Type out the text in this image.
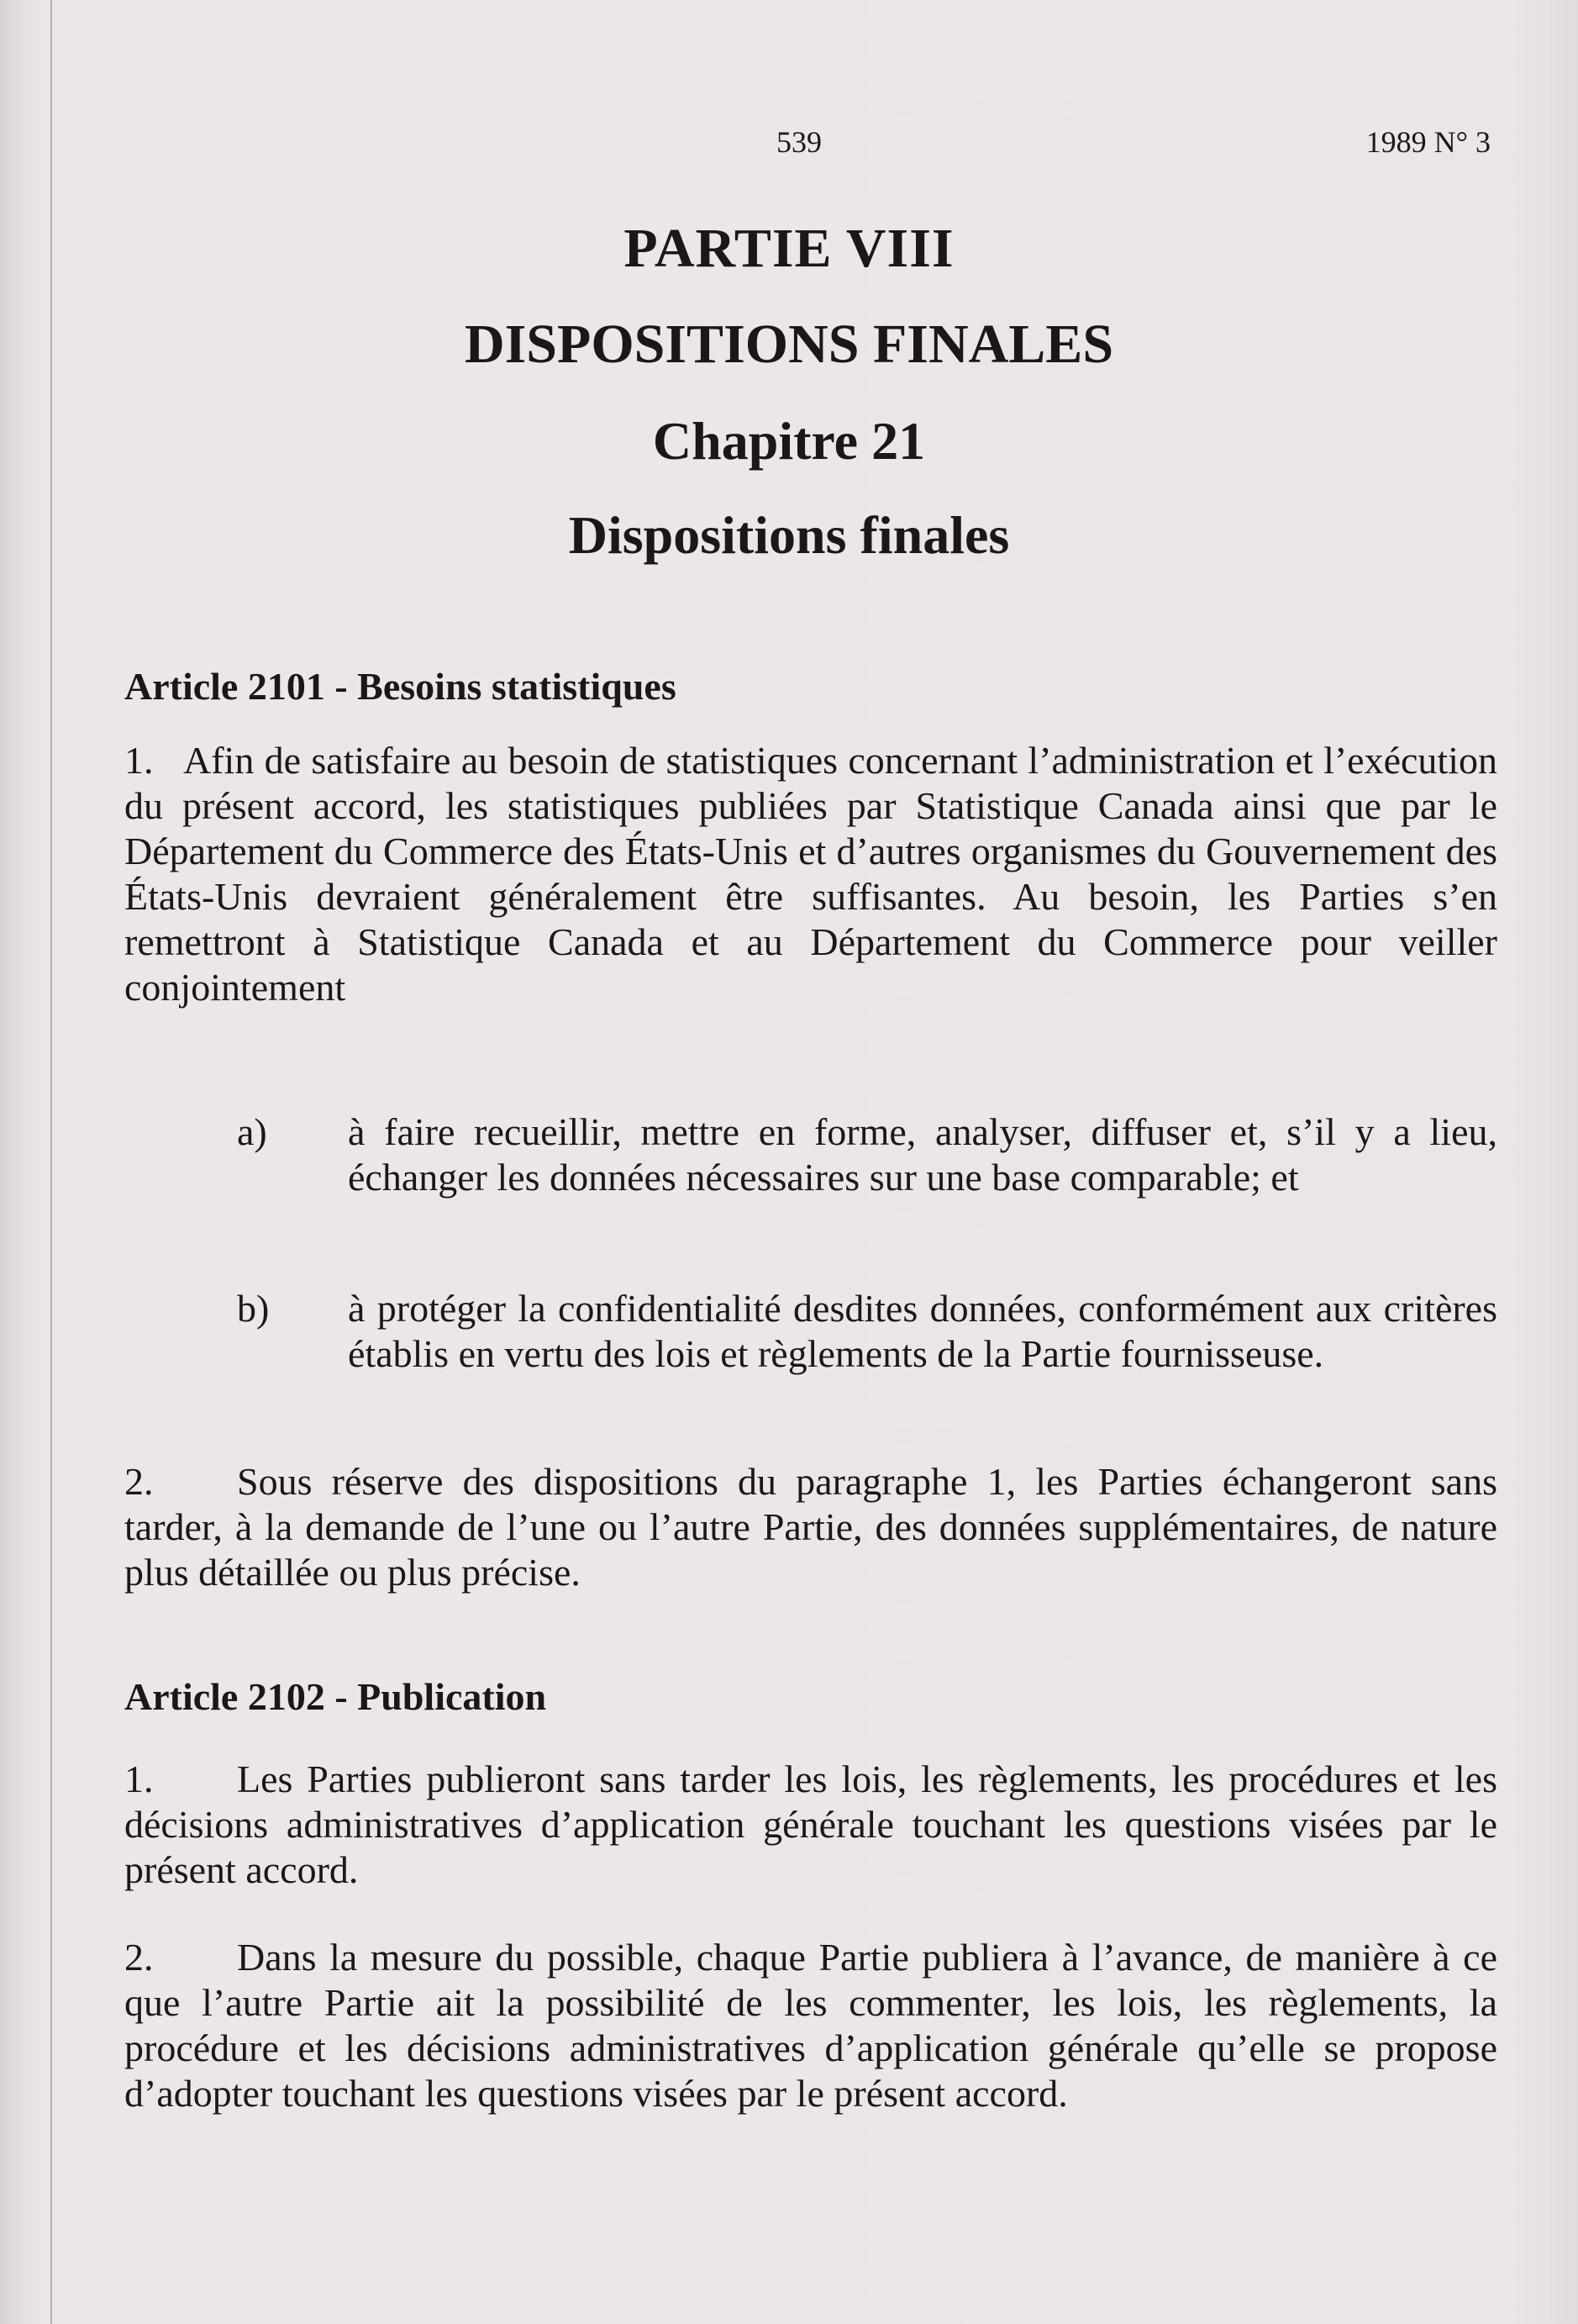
539	1989 N° 3
PARTIE VIII
DISPOSITIONS FINALES
Chapitre 21
Dispositions finales
Article 2101 - Besoins statistiques
1. Afin de satisfaire au besoin de statistiques concernant l’administration et l’exécution du présent accord, les statistiques publiées par Statistique Canada ainsi que par le Département du Commerce des États-Unis et d’autres organismes du Gouvernement des États-Unis devraient généralement être suffisantes. Au besoin, les Parties s’en remettront à Statistique Canada et au Département du Commerce pour veiller conjointement
a) à faire recueillir, mettre en forme, analyser, diffuser et, s’il y a lieu, échanger les données nécessaires sur une base comparable; et
b) à protéger la confidentialité desdites données, conformément aux critères établis en vertu des lois et règlements de la Partie fournisseuse.
2. Sous réserve des dispositions du paragraphe 1, les Parties échangeront sans tarder, à la demande de l’une ou l’autre Partie, des données supplémentaires, de nature plus détaillée ou plus précise.
Article 2102 - Publication
1. Les Parties publieront sans tarder les lois, les règlements, les procédures et les décisions administratives d’application générale touchant les questions visées par le présent accord.
2. Dans la mesure du possible, chaque Partie publiera à l’avance, de manière à ce que l’autre Partie ait la possibilité de les commenter, les lois, les règlements, la procédure et les décisions administratives d’application générale qu’elle se propose d’adopter touchant les questions visées par le présent accord.
